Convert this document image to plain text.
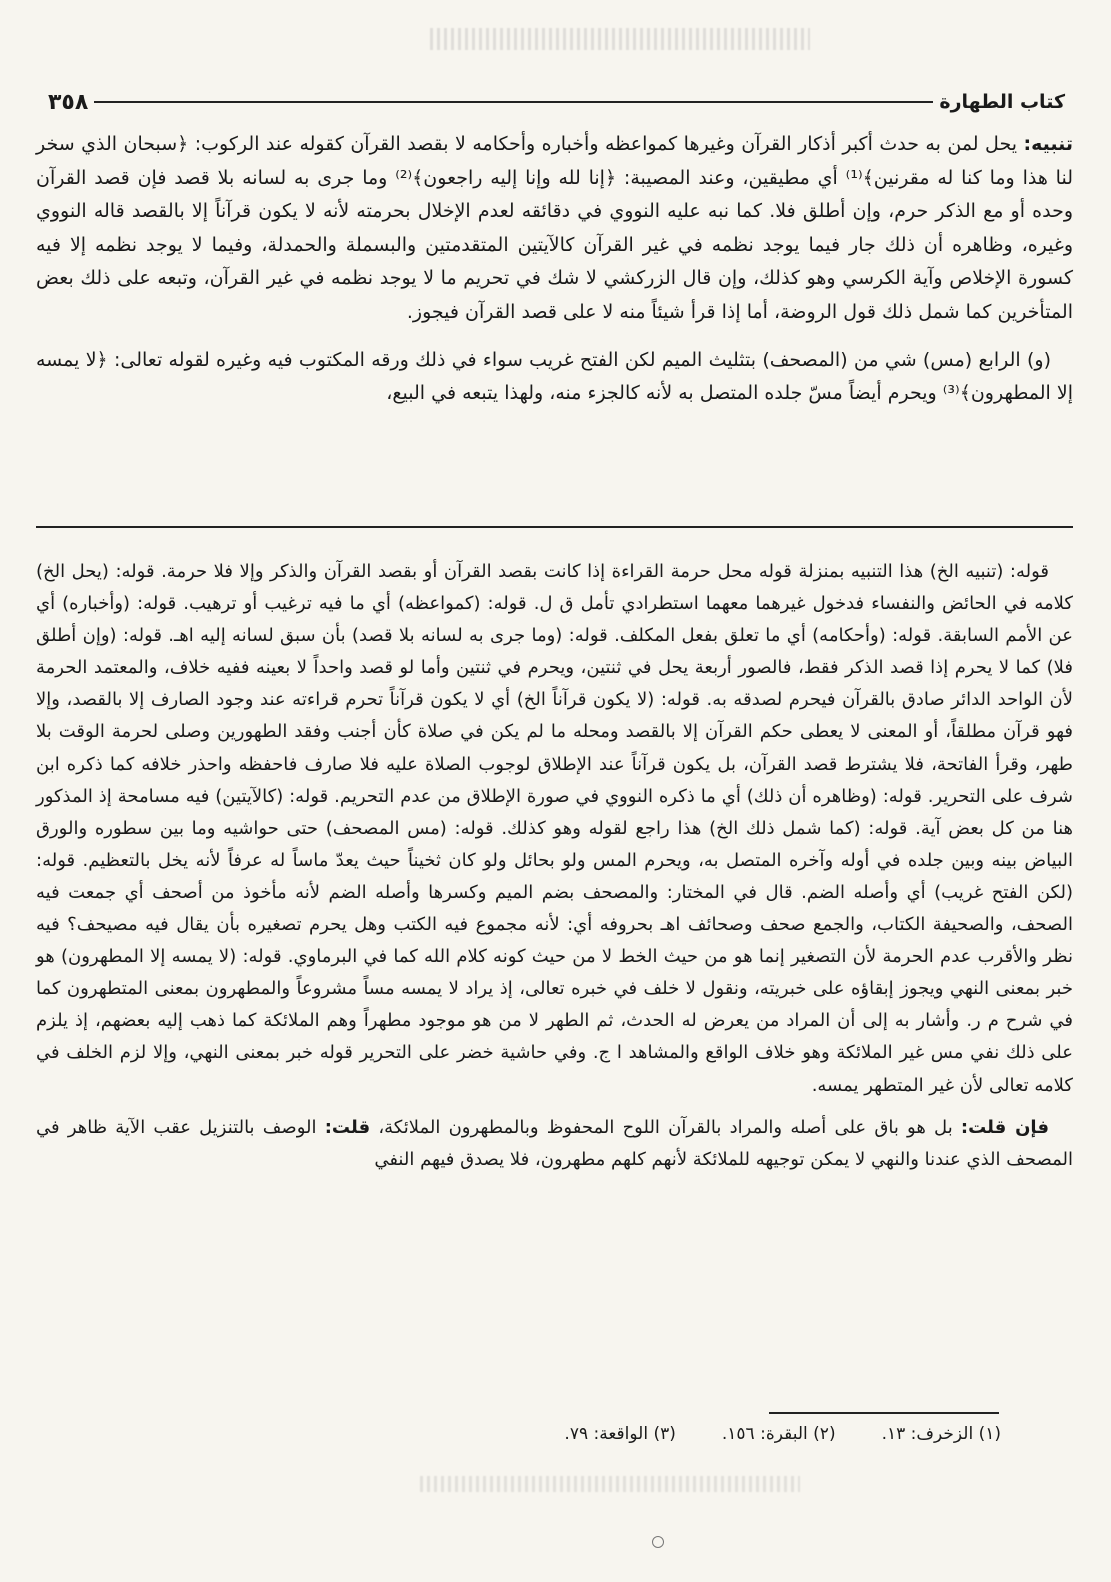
كتاب الطهارة
٣٥٨

تنبيه: يحل لمن به حدث أكبر أذكار القرآن وغيرها كمواعظه وأخباره وأحكامه لا بقصد القرآن كقوله عند الركوب: ﴿سبحان الذي سخر لنا هذا وما كنا له مقرنين﴾⁽¹⁾ أي مطيقين، وعند المصيبة: ﴿إنا لله وإنا إليه راجعون﴾⁽²⁾ وما جرى به لسانه بلا قصد فإن قصد القرآن وحده أو مع الذكر حرم، وإن أطلق فلا. كما نبه عليه النووي في دقائقه لعدم الإخلال بحرمته لأنه لا يكون قرآناً إلا بالقصد قاله النووي وغيره، وظاهره أن ذلك جار فيما يوجد نظمه في غير القرآن كالآيتين المتقدمتين والبسملة والحمدلة، وفيما لا يوجد نظمه إلا فيه كسورة الإخلاص وآية الكرسي وهو كذلك، وإن قال الزركشي لا شك في تحريم ما لا يوجد نظمه في غير القرآن، وتبعه على ذلك بعض المتأخرين كما شمل ذلك قول الروضة، أما إذا قرأ شيئاً منه لا على قصد القرآن فيجوز.

(و) الرابع (مس) شي من (المصحف) بتثليث الميم لكن الفتح غريب سواء في ذلك ورقه المكتوب فيه وغيره لقوله تعالى: ﴿لا يمسه إلا المطهرون﴾⁽³⁾ ويحرم أيضاً مسّ جلده المتصل به لأنه كالجزء منه، ولهذا يتبعه في البيع،

قوله: (تنبيه الخ) هذا التنبيه بمنزلة قوله محل حرمة القراءة إذا كانت بقصد القرآن أو بقصد القرآن والذكر وإلا فلا حرمة. قوله: (يحل الخ) كلامه في الحائض والنفساء فدخول غيرهما معهما استطرادي تأمل ق ل. قوله: (كمواعظه) أي ما فيه ترغيب أو ترهيب. قوله: (وأخباره) أي عن الأمم السابقة. قوله: (وأحكامه) أي ما تعلق بفعل المكلف. قوله: (وما جرى به لسانه بلا قصد) بأن سبق لسانه إليه اهـ. قوله: (وإن أطلق فلا) كما لا يحرم إذا قصد الذكر فقط، فالصور أربعة يحل في ثنتين، ويحرم في ثنتين وأما لو قصد واحداً لا بعينه ففيه خلاف، والمعتمد الحرمة لأن الواحد الدائر صادق بالقرآن فيحرم لصدقه به. قوله: (لا يكون قرآناً الخ) أي لا يكون قرآناً تحرم قراءته عند وجود الصارف إلا بالقصد، وإلا فهو قرآن مطلقاً، أو المعنى لا يعطى حكم القرآن إلا بالقصد ومحله ما لم يكن في صلاة كأن أجنب وفقد الطهورين وصلى لحرمة الوقت بلا طهر، وقرأ الفاتحة، فلا يشترط قصد القرآن، بل يكون قرآناً عند الإطلاق لوجوب الصلاة عليه فلا صارف فاحفظه واحذر خلافه كما ذكره ابن شرف على التحرير. قوله: (وظاهره أن ذلك) أي ما ذكره النووي في صورة الإطلاق من عدم التحريم. قوله: (كالآيتين) فيه مسامحة إذ المذكور هنا من كل بعض آية. قوله: (كما شمل ذلك الخ) هذا راجع لقوله وهو كذلك. قوله: (مس المصحف) حتى حواشيه وما بين سطوره والورق البياض بينه وبين جلده في أوله وآخره المتصل به، ويحرم المس ولو بحائل ولو كان ثخيناً حيث يعدّ ماساً له عرفاً لأنه يخل بالتعظيم. قوله: (لكن الفتح غريب) أي وأصله الضم. قال في المختار: والمصحف بضم الميم وكسرها وأصله الضم لأنه مأخوذ من أصحف أي جمعت فيه الصحف، والصحيفة الكتاب، والجمع صحف وصحائف اهـ بحروفه أي: لأنه مجموع فيه الكتب وهل يحرم تصغيره بأن يقال فيه مصيحف؟ فيه نظر والأقرب عدم الحرمة لأن التصغير إنما هو من حيث الخط لا من حيث كونه كلام الله كما في البرماوي. قوله: (لا يمسه إلا المطهرون) هو خبر بمعنى النهي ويجوز إبقاؤه على خبريته، ونقول لا خلف في خبره تعالى، إذ يراد لا يمسه مساً مشروعاً والمطهرون بمعنى المتطهرون كما في شرح م ر. وأشار به إلى أن المراد من يعرض له الحدث، ثم الطهر لا من هو موجود مطهراً وهم الملائكة كما ذهب إليه بعضهم، إذ يلزم على ذلك نفي مس غير الملائكة وهو خلاف الواقع والمشاهد ا ج. وفي حاشية خضر على التحرير قوله خبر بمعنى النهي، وإلا لزم الخلف في كلامه تعالى لأن غير المتطهر يمسه.

فإن قلت: بل هو باق على أصله والمراد بالقرآن اللوح المحفوظ وبالمطهرون الملائكة، قلت: الوصف بالتنزيل عقب الآية ظاهر في المصحف الذي عندنا والنهي لا يمكن توجيهه للملائكة لأنهم كلهم مطهرون، فلا يصدق فيهم النفي

(١) الزخرف: ١٣.
(٢) البقرة: ١٥٦.
(٣) الواقعة: ٧٩.
